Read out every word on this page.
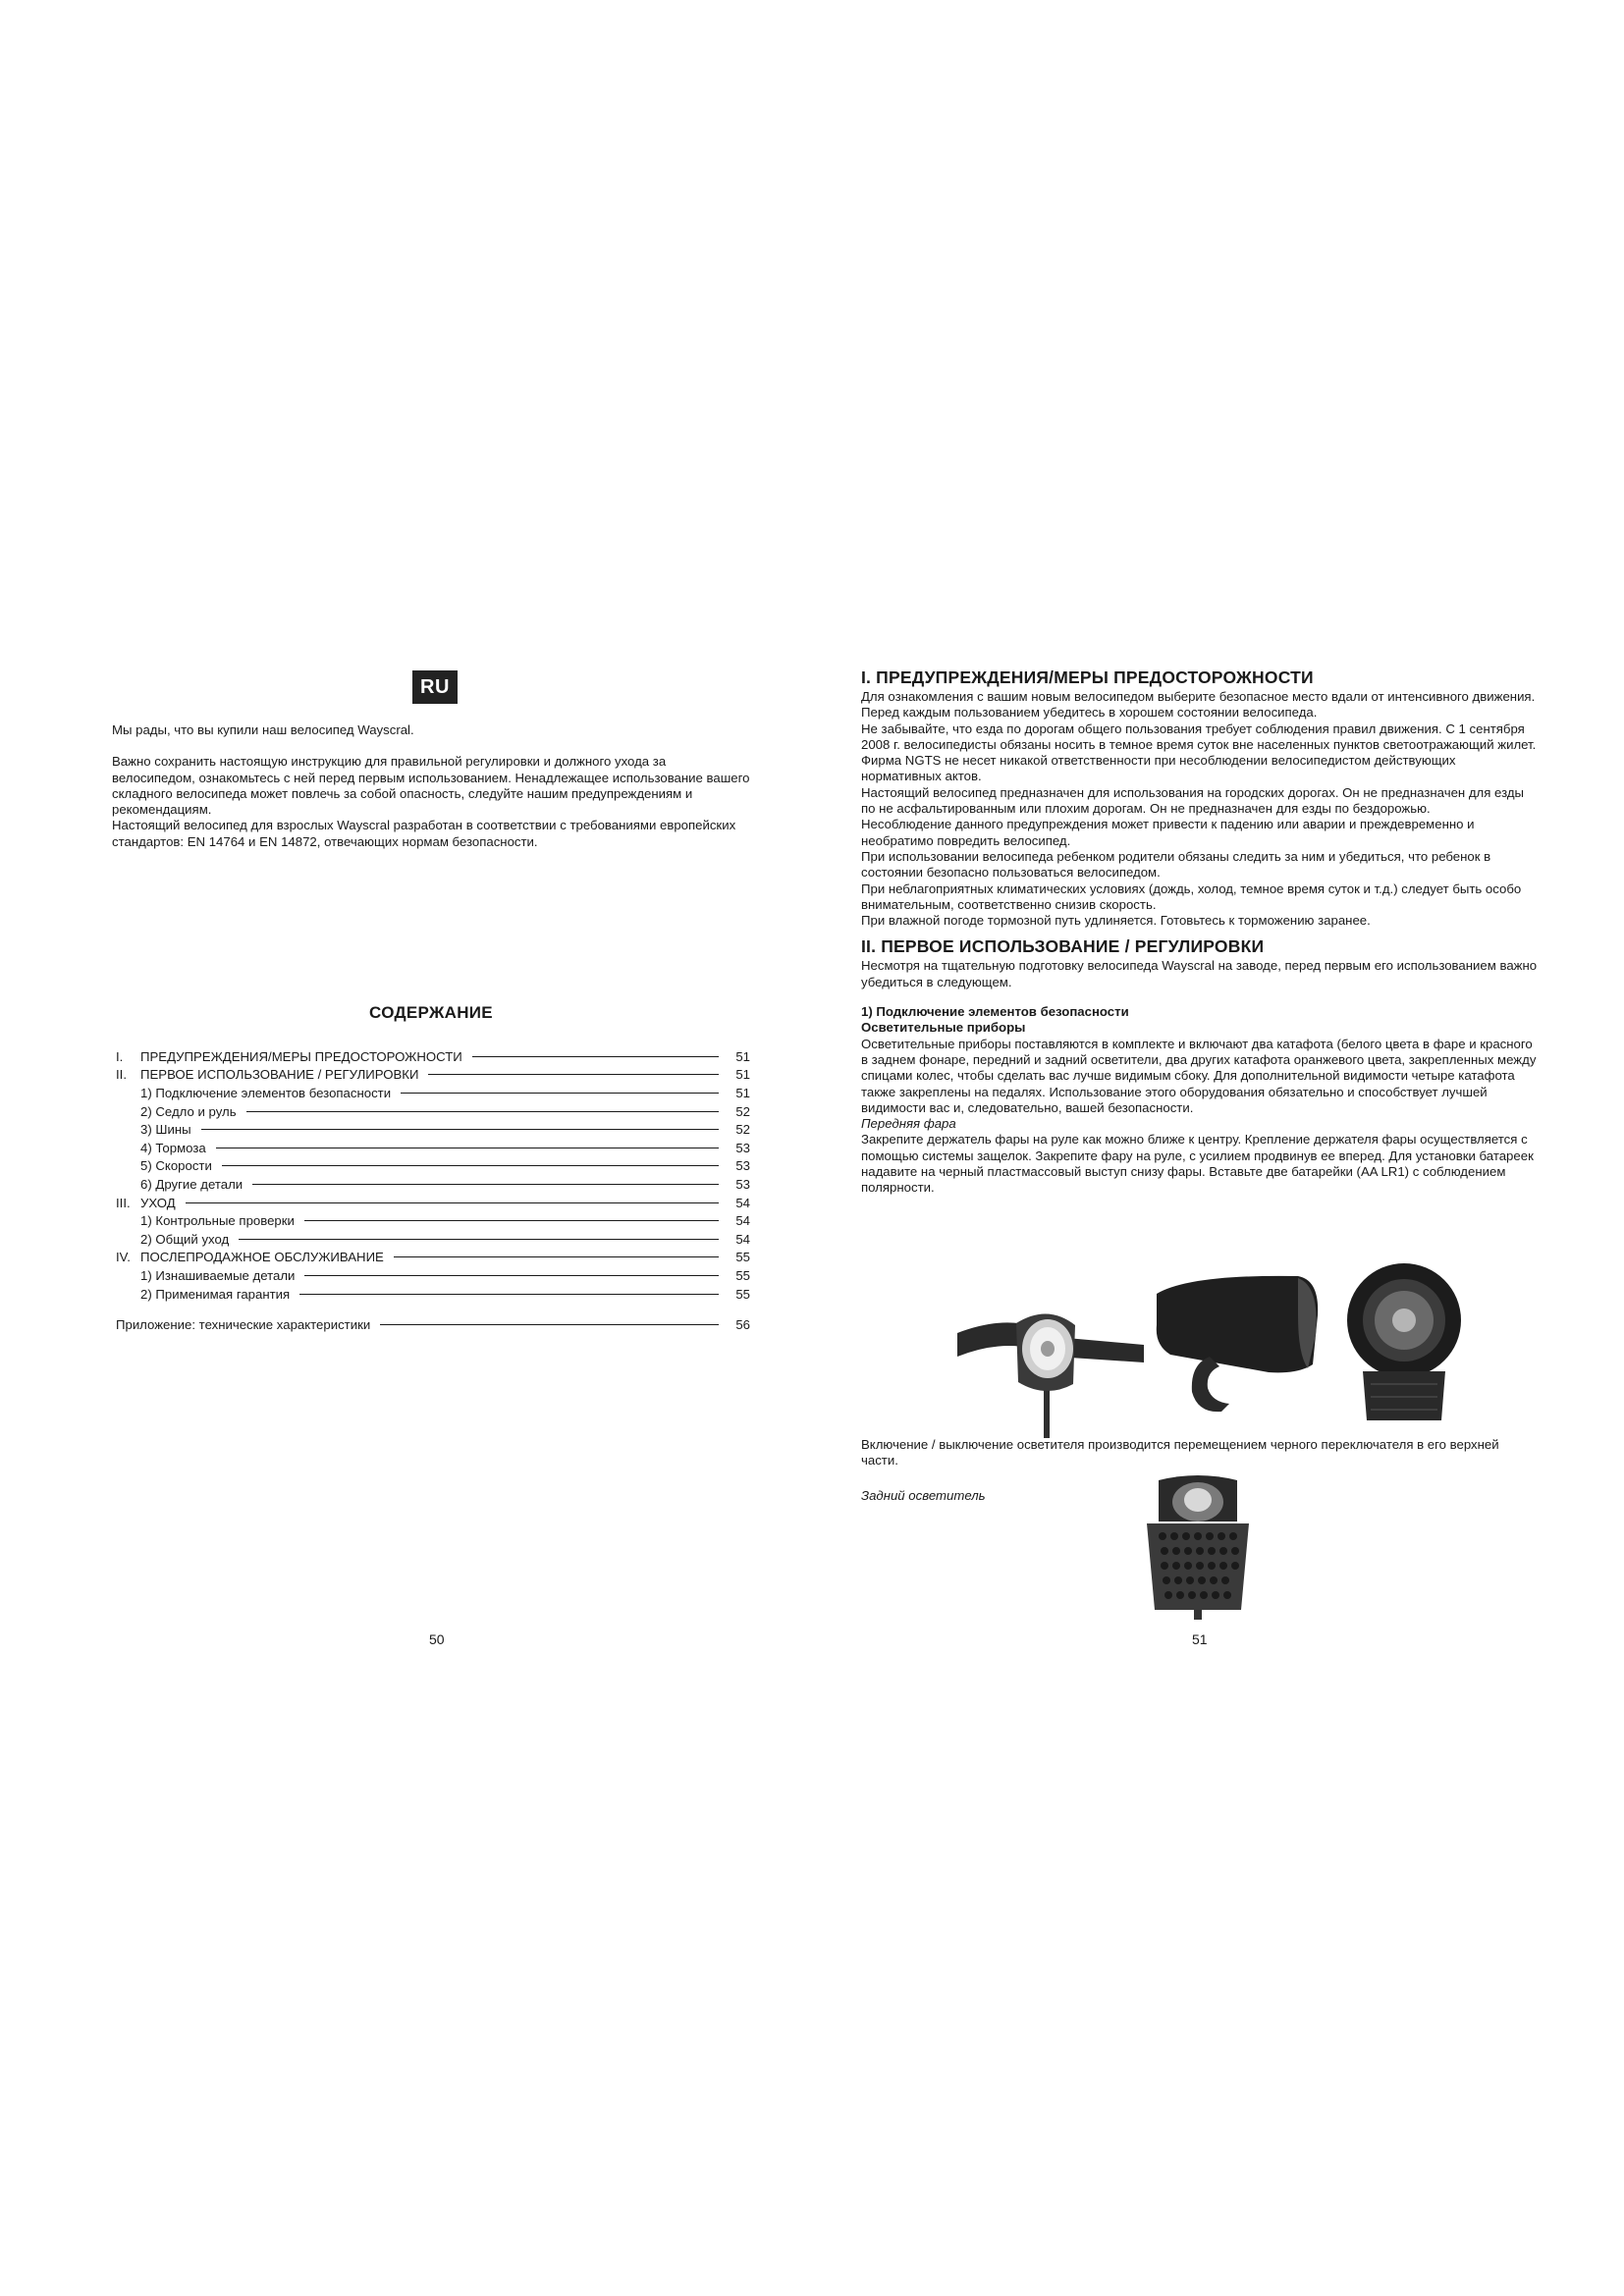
RU

Мы рады, что вы купили наш велосипед Wayscral.

Важно сохранить настоящую инструкцию для правильной регулировки и должного ухода за велосипедом, ознакомьтесь с ней перед первым использованием. Ненадлежащее использование вашего складного велосипеда может повлечь за собой опасность, следуйте нашим предупреждениям и рекомендациям.

Настоящий велосипед для взрослых Wayscral разработан в соответствии с требованиями европейских стандартов: EN 14764 и EN 14872, отвечающих нормам безопасности.

СОДЕРЖАНИЕ
I.	ПРЕДУПРЕЖДЕНИЯ/МЕРЫ ПРЕДОСТОРОЖНОСТИ	51
II.	ПЕРВОЕ ИСПОЛЬЗОВАНИЕ / РЕГУЛИРОВКИ	51
1) Подключение элементов безопасности	51
2) Седло и руль	52
3) Шины	52
4) Тормоза	53
5) Скорости	53
6) Другие детали	53
III. УХОД	54
1) Контрольные проверки	54
2) Общий уход	54
IV. ПОСЛЕПРОДАЖНОЕ ОБСЛУЖИВАНИЕ	55
1) Изнашиваемые детали	55
2) Применимая гарантия	55
Приложение: технические характеристики	56
50
I. ПРЕДУПРЕЖДЕНИЯ/МЕРЫ ПРЕДОСТОРОЖНОСТИ

Для ознакомления с вашим новым велосипедом выберите безопасное место вдали от интенсивного движения.

Перед каждым пользованием убедитесь в хорошем состоянии велосипеда.

Не забывайте, что езда по дорогам общего пользования требует соблюдения правил движения. С 1 сентября 2008 г. велосипедисты обязаны носить в темное время суток вне населенных пунктов светоотражающий жилет. Фирма NGTS не несет никакой ответственности при несоблюдении велосипедистом действующих нормативных актов.

Настоящий велосипед предназначен для использования на городских дорогах. Он не предназначен для езды по не асфальтированным или плохим дорогам. Он не предназначен для езды по бездорожью.

Несоблюдение данного предупреждения может привести к падению или аварии и преждевременно и необратимо повредить велосипед.

При использовании велосипеда ребенком родители обязаны следить за ним и убедиться, что ребенок в состоянии безопасно пользоваться велосипедом.

При неблагоприятных климатических условиях (дождь, холод, темное время суток и т.д.) следует быть особо внимательным, соответственно снизив скорость.

При влажной погоде тормозной путь удлиняется. Готовьтесь к торможению заранее.

II. ПЕРВОЕ ИСПОЛЬЗОВАНИЕ / РЕГУЛИРОВКИ

Несмотря на тщательную подготовку велосипеда Wayscral на заводе, перед первым его использованием важно убедиться в следующем.

1) Подключение элементов безопасности

Осветительные приборы

Осветительные приборы поставляются в комплекте и включают два катафота (белого цвета в фаре и красного в заднем фонаре, передний и задний осветители, два других катафота оранжевого цвета, закрепленных между спицами колес, чтобы сделать вас лучше видимым сбоку. Для дополнительной видимости четыре катафота также закреплены на педалях. Использование этого оборудования обязательно и способствует лучшей видимости вас и, следовательно, вашей безопасности.

Передняя фара

Закрепите держатель фары на руле как можно ближе к центру. Крепление держателя фары осуществляется с помощью системы защелок. Закрепите фару на руле, с усилием продвинув ее вперед. Для установки батареек надавите на черный пластмассовый выступ снизу фары. Вставьте две батарейки (AA LR1) с соблюдением полярности.

Включение / выключение осветителя производится перемещением черного переключателя в его верхней части.

Задний осветитель

51
